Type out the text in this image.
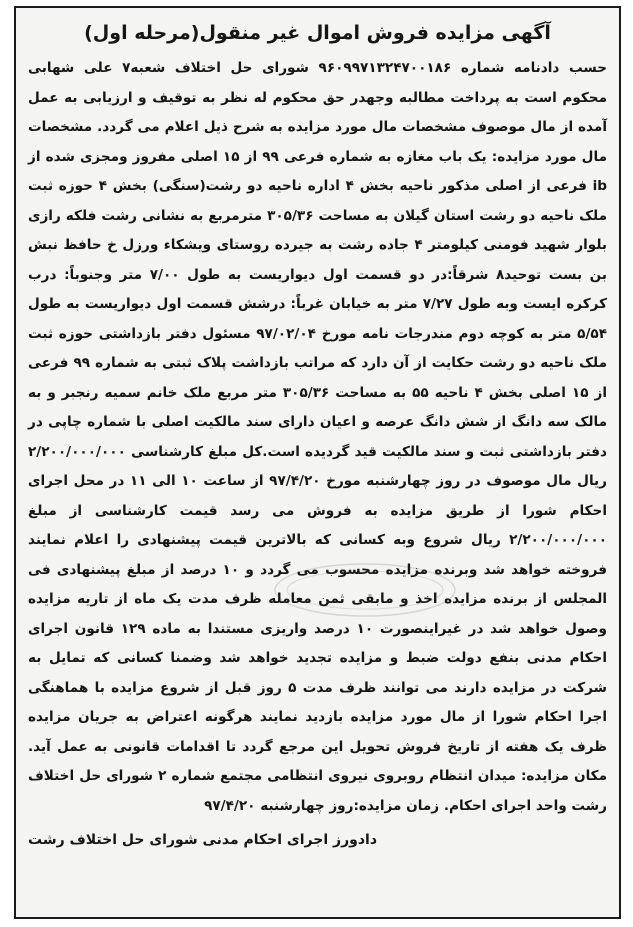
آگهی مزایده فروش اموال غیر منقول(مرحله اول)

حسب دادنامه شماره ۹۶۰۹۹۷۱۳۲۴۷۰۰۱۸۶ شورای حل اختلاف شعبه۷ علی شهابی محکوم است به پرداخت مطالبه وجهدر حق محکوم له نظر به توقیف و ارزیابی به عمل آمده از مال موصوف مشخصات مال مورد مزایده به شرح ذیل اعلام می گردد. مشخصات مال مورد مزایده: یک باب مغازه به شماره فرعی ۹۹ از ۱۵ اصلی مفروز ومجزی شده از ib فرعی از اصلی مذکور ناحیه بخش ۴ اداره ناحیه دو رشت(سنگی) بخش ۴ حوزه ثبت ملک ناحیه دو رشت استان گیلان به مساحت ۳۰۵/۳۶ مترمربع به نشانی رشت فلکه رازی بلوار شهید فومنی کیلومتر ۴ جاده رشت به جیرده روستای ویشکاء ورزل خ حافظ نبش بن بست توحید۸ شرقاً:در دو قسمت اول دیواریست به طول ۷/۰۰ متر وجنوباً: درب کرکره ایست وبه طول ۷/۲۷ متر به خیابان غرباً: درشش قسمت اول دیواریست به طول ۵/۵۴ متر به کوچه دوم مندرجات نامه مورخ ۹۷/۰۲/۰۴ مسئول دفتر بازداشتی حوزه ثبت ملک ناحیه دو رشت حکایت از آن دارد که مراتب بازداشت پلاک ثبتی به شماره ۹۹ فرعی از ۱۵ اصلی بخش ۴ ناحیه ۵۵ به مساحت ۳۰۵/۳۶ متر مربع ملک خانم سمیه رنجبر و به مالک سه دانگ از شش دانگ عرصه و اعیان دارای سند مالکیت اصلی با شماره چاپی در دفتر بازداشتی ثبت و سند مالکیت قید گردیده است.کل مبلغ کارشناسی ۲/۲۰۰/۰۰۰/۰۰۰ ریال مال موصوف در روز چهارشنبه مورخ ۹۷/۴/۲۰ از ساعت ۱۰ الی ۱۱ در محل اجرای احکام شورا از طریق مزایده به فروش می رسد قیمت کارشناسی از مبلغ ۲/۲۰۰/۰۰۰/۰۰۰ ریال شروع وبه کسانی که بالاترین قیمت پیشنهادی را اعلام نمایند فروخته خواهد شد وبرنده مزایده محسوب می گردد و ۱۰ درصد از مبلغ پیشنهادی فی المجلس از برنده مزایده اخذ و مابقی ثمن معامله ظرف مدت یک ماه از تاریه مزایده وصول خواهد شد در غیراینصورت ۱۰ درصد واریزی مستندا به ماده ۱۲۹ قانون اجرای احکام مدنی بنفع دولت ضبط و مزایده تجدید خواهد شد وضمنا کسانی که تمایل به شرکت در مزایده دارند می توانند ظرف مدت ۵ روز قبل از شروع مزایده با هماهنگی اجرا احکام شورا از مال مورد مزایده بازدید نمایند هرگونه اعتراض به جریان مزایده ظرف یک هفته از تاریخ فروش تحویل این مرجع گردد تا اقدامات قانونی به عمل آید. مکان مزایده: میدان انتظام روبروی نیروی انتظامی مجتمع شماره ۲ شورای حل اختلاف رشت واحد اجرای احکام. زمان مزایده:روز چهارشنبه ۹۷/۴/۲۰

دادورز اجرای احکام مدنی شورای حل اختلاف رشت
